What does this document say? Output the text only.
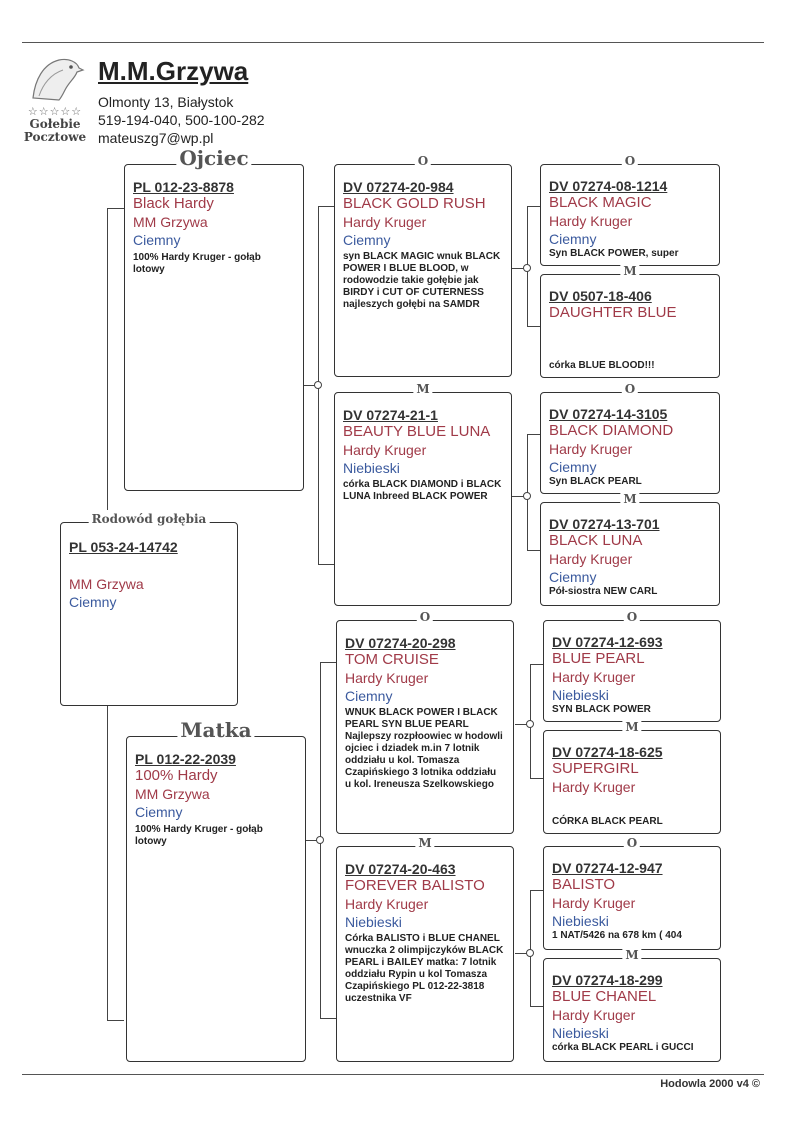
☆☆☆☆☆
Gołebie
Pocztowe
M.M.Grzywa
Olmonty 13, Białystok
519-194-040, 500-100-282
mateuszg7@wp.pl
Rodowód gołębia
PL 053-24-14742
MM Grzywa
Ciemny
Ojciec
PL 012-23-8878
Black Hardy
MM Grzywa
Ciemny
100% Hardy Kruger - gołąb lotowy
Matka
PL 012-22-2039
100% Hardy
MM Grzywa
Ciemny
100% Hardy Kruger - gołąb lotowy
O
DV 07274-20-984
BLACK GOLD RUSH
Hardy Kruger
Ciemny
syn BLACK MAGIC wnuk BLACK POWER I BLUE BLOOD, w rodowodzie takie gołębie jak BIRDY i CUT OF CUTERNESS najleszych gołębi na SAMDR
M
DV 07274-21-1
BEAUTY BLUE LUNA
Hardy Kruger
Niebieski
córka BLACK DIAMOND i BLACK LUNA Inbreed BLACK POWER
O
DV 07274-20-298
TOM CRUISE
Hardy Kruger
Ciemny
WNUK BLACK POWER I BLACK PEARL SYN BLUE PEARL Najlepszy rozpłoowiec w hodowli ojciec i dziadek m.in 7 lotnik oddziału u kol. Tomasza Czapińskiego 3 lotnika oddziału u kol. Ireneusza Szelkowskiego
M
DV 07274-20-463
FOREVER BALISTO
Hardy Kruger
Niebieski
Córka BALISTO i BLUE CHANEL wnuczka 2 olimpijczyków BLACK PEARL i BAILEY matka: 7 lotnik oddziału Rypin u kol Tomasza Czapińskiego PL 012-22-3818 uczestnika VF
O
DV 07274-08-1214
BLACK MAGIC
Hardy Kruger
Ciemny
Syn BLACK POWER, super
M
DV 0507-18-406
DAUGHTER BLUE
córka BLUE BLOOD!!!
O
DV 07274-14-3105
BLACK DIAMOND
Hardy Kruger
Ciemny
Syn BLACK PEARL
M
DV 07274-13-701
BLACK LUNA
Hardy Kruger
Ciemny
Pół-siostra NEW CARL
O
DV 07274-12-693
BLUE PEARL
Hardy Kruger
Niebieski
SYN BLACK POWER
M
DV 07274-18-625
SUPERGIRL
Hardy Kruger
CÓRKA BLACK PEARL
O
DV 07274-12-947
BALISTO
Hardy Kruger
Niebieski
1 NAT/5426 na 678 km ( 404
M
DV 07274-18-299
BLUE CHANEL
Hardy Kruger
Niebieski
córka BLACK PEARL i GUCCI
Hodowla 2000 v4 ©
